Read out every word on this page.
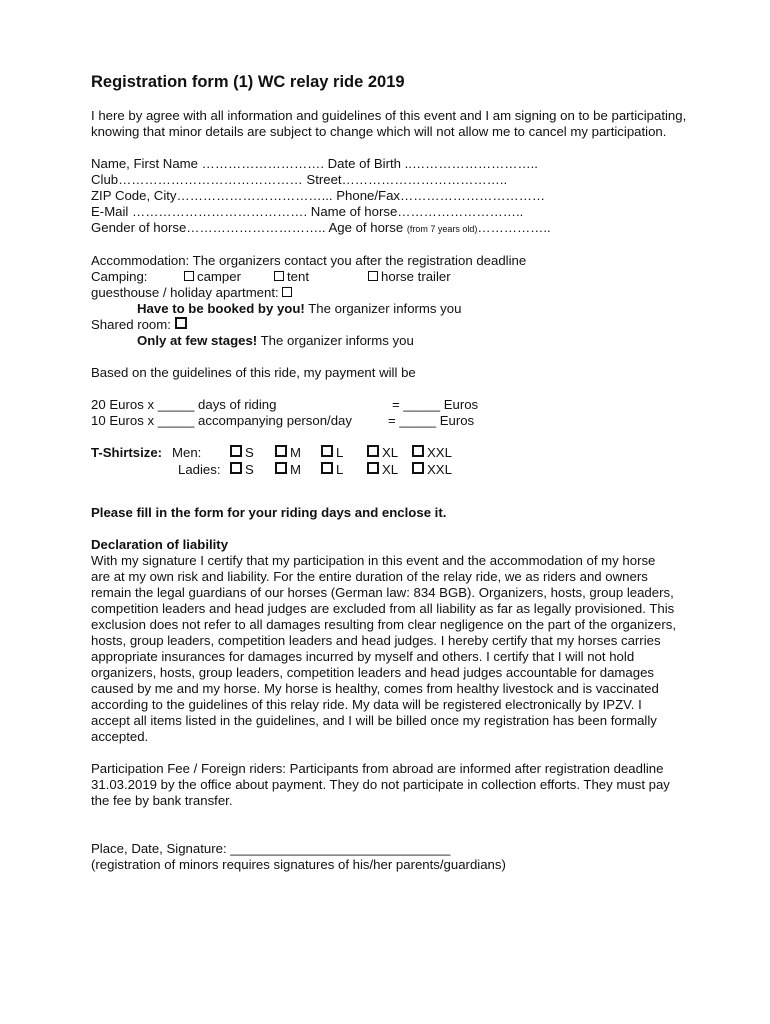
Registration form (1) WC relay ride 2019
I here by agree with all information and guidelines of this event and I am signing on to be participating, knowing that minor details are subject to change which will not allow me to cancel my participation.
Name, First Name ………………………. Date of Birth ..………………………..
Club…………………………………… Street………………………………..
ZIP Code, City……………………………... Phone/Fax……………………………
E-Mail …………………………………. Name of horse………………………..
Gender of horse………………………….. Age of horse (from 7 years old)……………..
Accommodation: The organizers contact you after the registration deadline
Camping:	camper	tent	horse trailer
guesthouse / holiday apartment:
Have to be booked by you! The organizer informs you
Shared room:
Only at few stages! The organizer informs you
Based on the guidelines of this ride, my payment will be
20 Euros x _____ days of riding	= _____ Euros
10 Euros x _____ accompanying person/day	= _____ Euros
T-Shirtsize: Men:	S	M	L	XL	XXL
Ladies:	S	M	L	XL	XXL
Please fill in the form for your riding days and enclose it.
Declaration of liability
With my signature I certify that my participation in this event and the accommodation of my horse are at my own risk and liability. For the entire duration of the relay ride, we as riders and owners remain the legal guardians of our horses (German law: 834 BGB). Organizers, hosts, group leaders, competition leaders and head judges are excluded from all liability as far as legally provisioned. This exclusion does not refer to all damages resulting from clear negligence on the part of the organizers, hosts, group leaders, competition leaders and head judges. I hereby certify that my horses carries appropriate insurances for damages incurred by myself and others. I certify that I will not hold organizers, hosts, group leaders, competition leaders and head judges accountable for damages caused by me and my horse. My horse is healthy, comes from healthy livestock and is vaccinated according to the guidelines of this relay ride. My data will be registered electronically by IPZV. I accept all items listed in the guidelines, and I will be billed once my registration has been formally accepted.
Participation Fee / Foreign riders: Participants from abroad are informed after registration deadline 31.03.2019 by the office about payment. They do not participate in collection efforts. They must pay the fee by bank transfer.
Place, Date, Signature: ______________________________
(registration of minors requires signatures of his/her parents/guardians)
